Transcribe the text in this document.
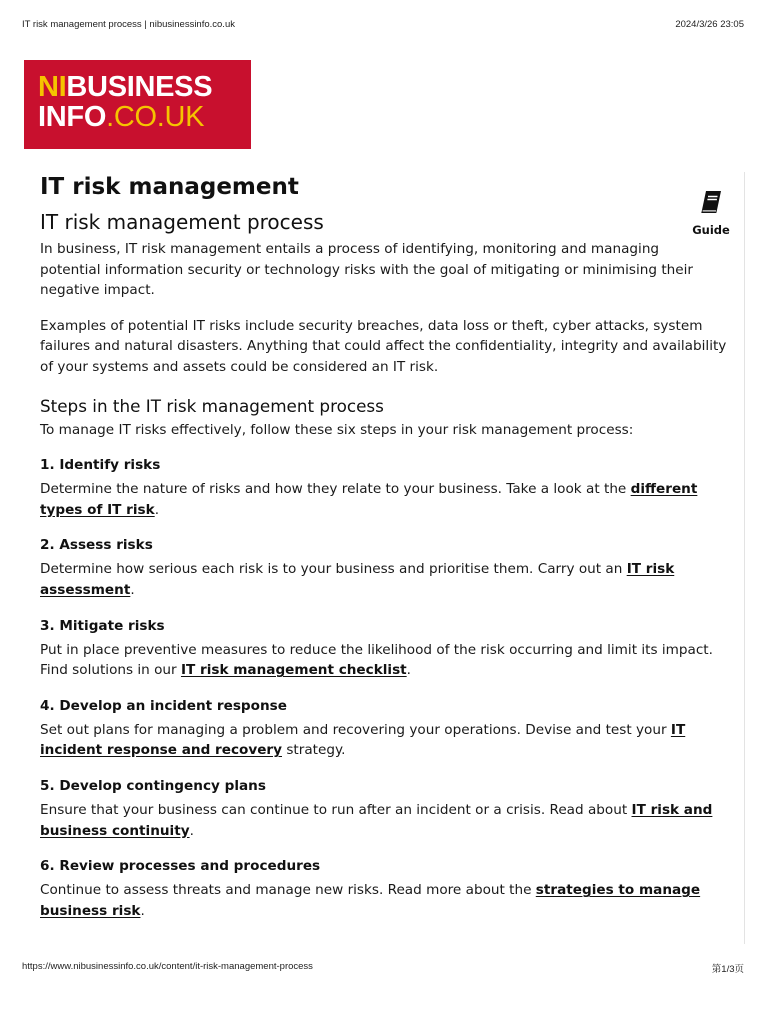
IT risk management process | nibusinessinfo.co.uk	2024/3/26 23:05
NIBUSINESS
INFO.CO.UK
Guide
IT risk management
IT risk management process

In business, IT risk management entails a process of identifying, monitoring and managing potential information security or technology risks with the goal of mitigating or minimising their negative impact.

Examples of potential IT risks include security breaches, data loss or theft, cyber attacks, system failures and natural disasters. Anything that could affect the confidentiality, integrity and availability of your systems and assets could be considered an IT risk.

Steps in the IT risk management process

To manage IT risks effectively, follow these six steps in your risk management process:

1. Identify risks

Determine the nature of risks and how they relate to your business. Take a look at the different types of IT risk.

2. Assess risks

Determine how serious each risk is to your business and prioritise them. Carry out an IT risk assessment.

3. Mitigate risks

Put in place preventive measures to reduce the likelihood of the risk occurring and limit its impact. Find solutions in our IT risk management checklist.

4. Develop an incident response

Set out plans for managing a problem and recovering your operations. Devise and test your IT incident response and recovery strategy.

5. Develop contingency plans

Ensure that your business can continue to run after an incident or a crisis. Read about IT risk and business continuity.

6. Review processes and procedures

Continue to assess threats and manage new risks. Read more about the strategies to manage business risk.

https://www.nibusinessinfo.co.uk/content/it-risk-management-process	第1/3页
